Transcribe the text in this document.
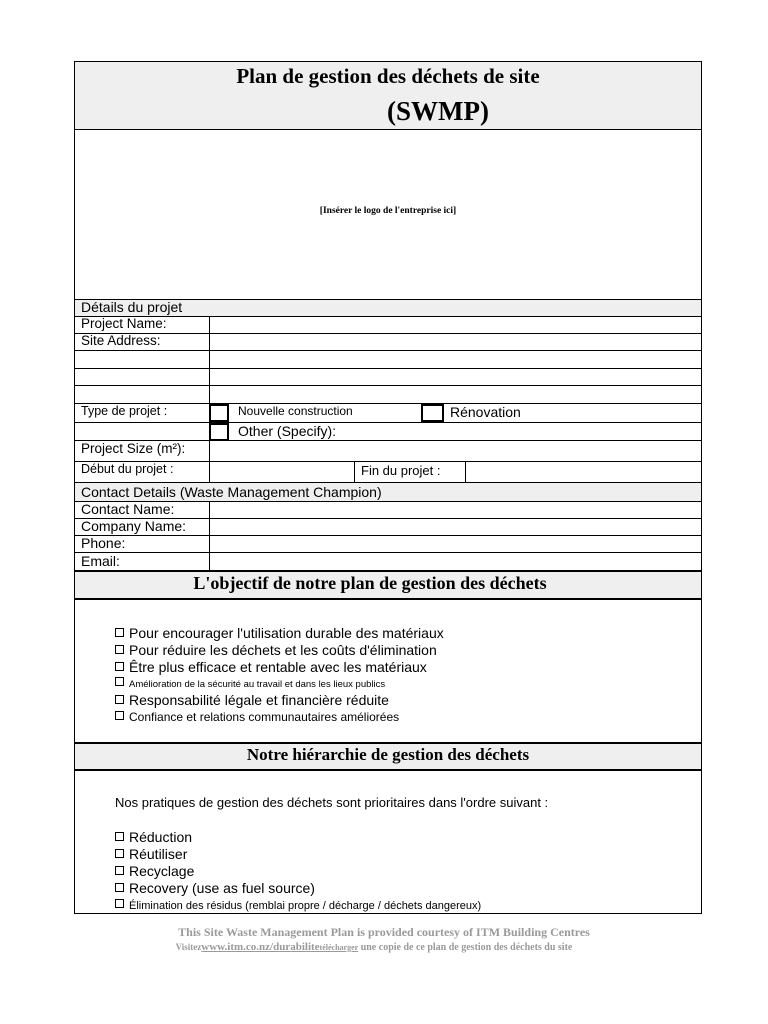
Plan de gestion des déchets de site
(SWMP)
[Insérer le logo de l'entreprise ici]
Détails du projet
Project Name:
Site Address:
Type de projet :	Nouvelle construction	Rénovation
Other (Specify):
Project Size (m²):
Début du projet :	Fin du projet :
Contact Details (Waste Management Champion)
Contact Name:
Company Name:
Phone:
Email:
L'objectif de notre plan de gestion des déchets
Pour encourager l'utilisation durable des matériaux
Pour réduire les déchets et les coûts d'élimination
Être plus efficace et rentable avec les matériaux
Amélioration de la sécurité au travail et dans les lieux publics
Responsabilité légale et financière réduite
Confiance et relations communautaires améliorées
Notre hiérarchie de gestion des déchets
Nos pratiques de gestion des déchets sont prioritaires dans l'ordre suivant :
Réduction
Réutiliser
Recyclage
Recovery (use as fuel source)
Élimination des résidus (remblai propre / décharge / déchets dangereux)
This Site Waste Management Plan is provided courtesy of ITM Building Centres
Visitezwww.itm.co.nz/durabilitetélécharger une copie de ce plan de gestion des déchets du site
